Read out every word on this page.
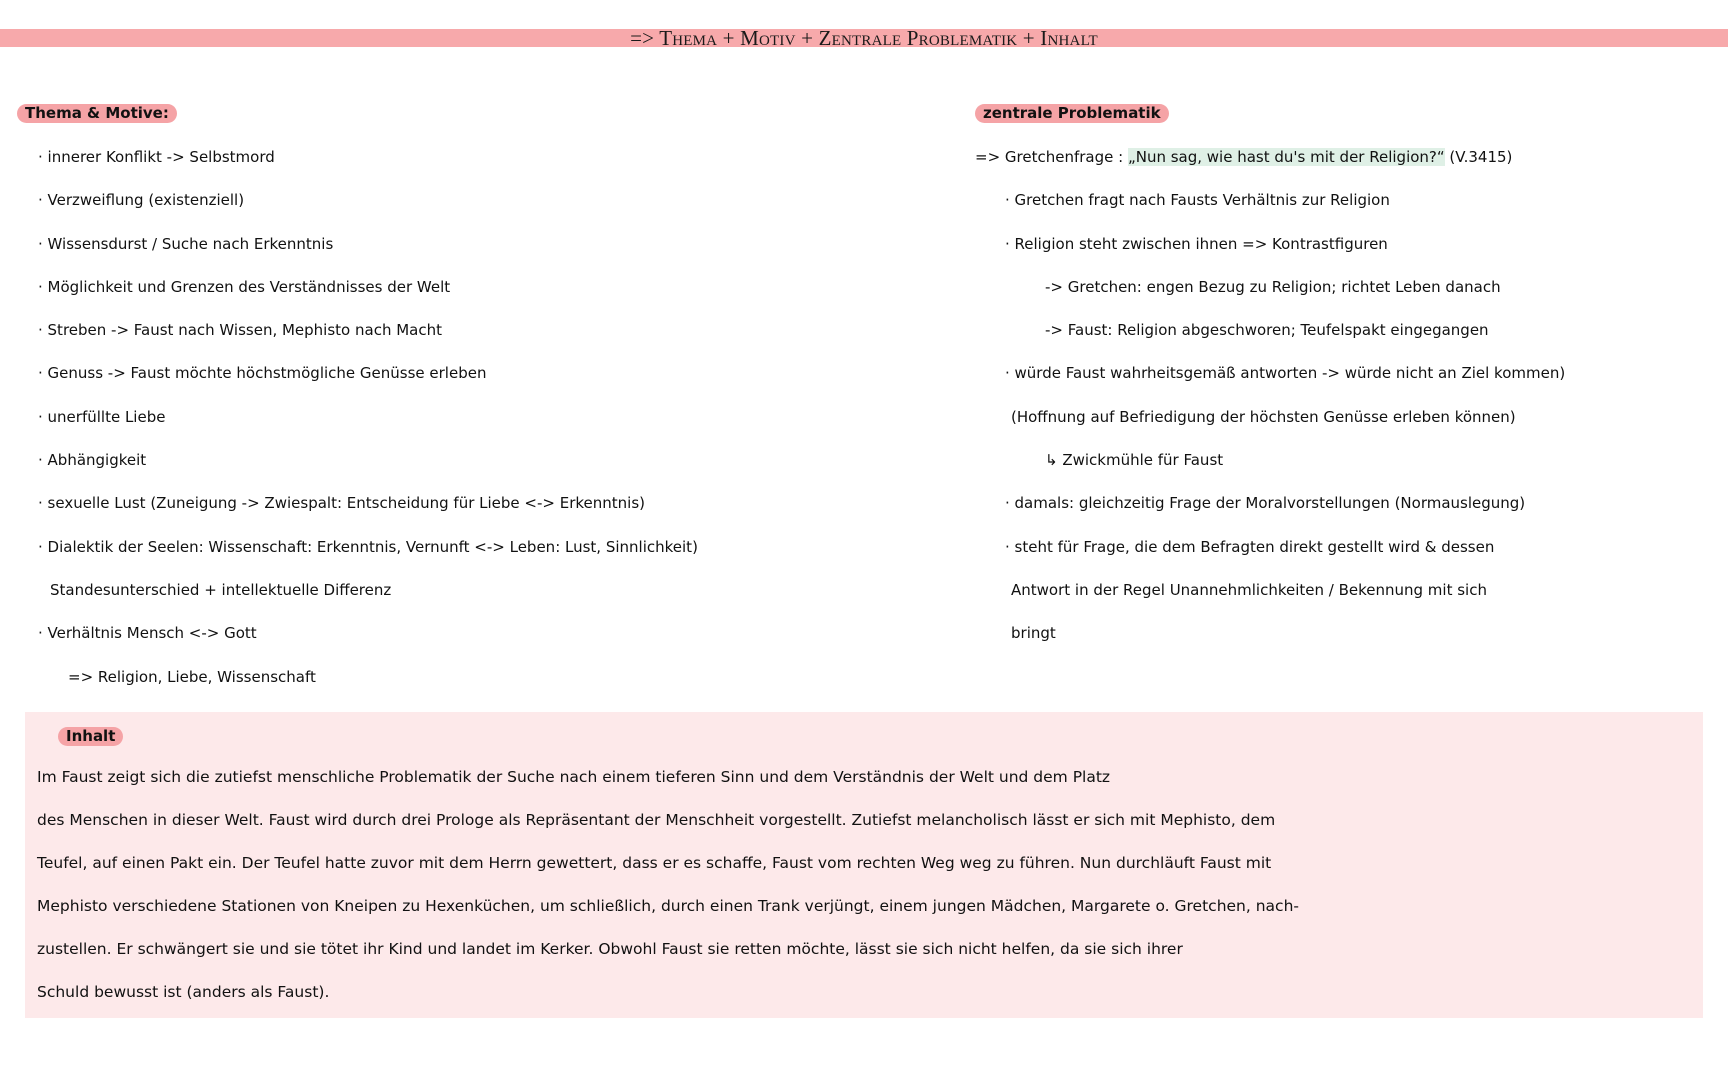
=> Thema + Motiv + Zentrale Problematik + Inhalt
Thema & Motive:
· innerer Konflikt -> Selbstmord
· Verzweiflung (existenziell)
· Wissensdurst / Suche nach Erkenntnis
· Möglichkeit und Grenzen des Verständnisses der Welt
· Streben -> Faust nach Wissen, Mephisto nach Macht
· Genuss -> Faust möchte höchstmögliche Genüsse erleben
· unerfüllte Liebe
· Abhängigkeit
· sexuelle Lust (Zuneigung -> Zwiespalt: Entscheidung für Liebe <-> Erkenntnis)
· Dialektik der Seelen: Wissenschaft: Erkenntnis, Vernunft <-> Leben: Lust, Sinnlichkeit)
Standesunterschied + intellektuelle Differenz
· Verhältnis Mensch <-> Gott
=> Religion, Liebe, Wissenschaft
zentrale Problematik
=> Gretchenfrage : „Nun sag, wie hast du's mit der Religion?“ (V.3415)
· Gretchen fragt nach Fausts Verhältnis zur Religion
· Religion steht zwischen ihnen => Kontrastfiguren
-> Gretchen: engen Bezug zu Religion; richtet Leben danach
-> Faust: Religion abgeschworen; Teufelspakt eingegangen
· würde Faust wahrheitsgemäß antworten -> würde nicht an Ziel kommen)
(Hoffnung auf Befriedigung der höchsten Genüsse erleben können)
↳ Zwickmühle für Faust
· damals: gleichzeitig Frage der Moralvorstellungen (Normauslegung)
· steht für Frage, die dem Befragten direkt gestellt wird & dessen
Antwort in der Regel Unannehmlichkeiten / Bekennung mit sich
bringt
Inhalt
Im Faust zeigt sich die zutiefst menschliche Problematik der Suche nach einem tieferen Sinn und dem Verständnis der Welt und dem Platz
des Menschen in dieser Welt. Faust wird durch drei Prologe als Repräsentant der Menschheit vorgestellt. Zutiefst melancholisch lässt er sich mit Mephisto, dem
Teufel, auf einen Pakt ein. Der Teufel hatte zuvor mit dem Herrn gewettert, dass er es schaffe, Faust vom rechten Weg weg zu führen. Nun durchläuft Faust mit
Mephisto verschiedene Stationen von Kneipen zu Hexenküchen, um schließlich, durch einen Trank verjüngt, einem jungen Mädchen, Margarete o. Gretchen, nach-
zustellen. Er schwängert sie und sie tötet ihr Kind und landet im Kerker. Obwohl Faust sie retten möchte, lässt sie sich nicht helfen, da sie sich ihrer
Schuld bewusst ist (anders als Faust).
